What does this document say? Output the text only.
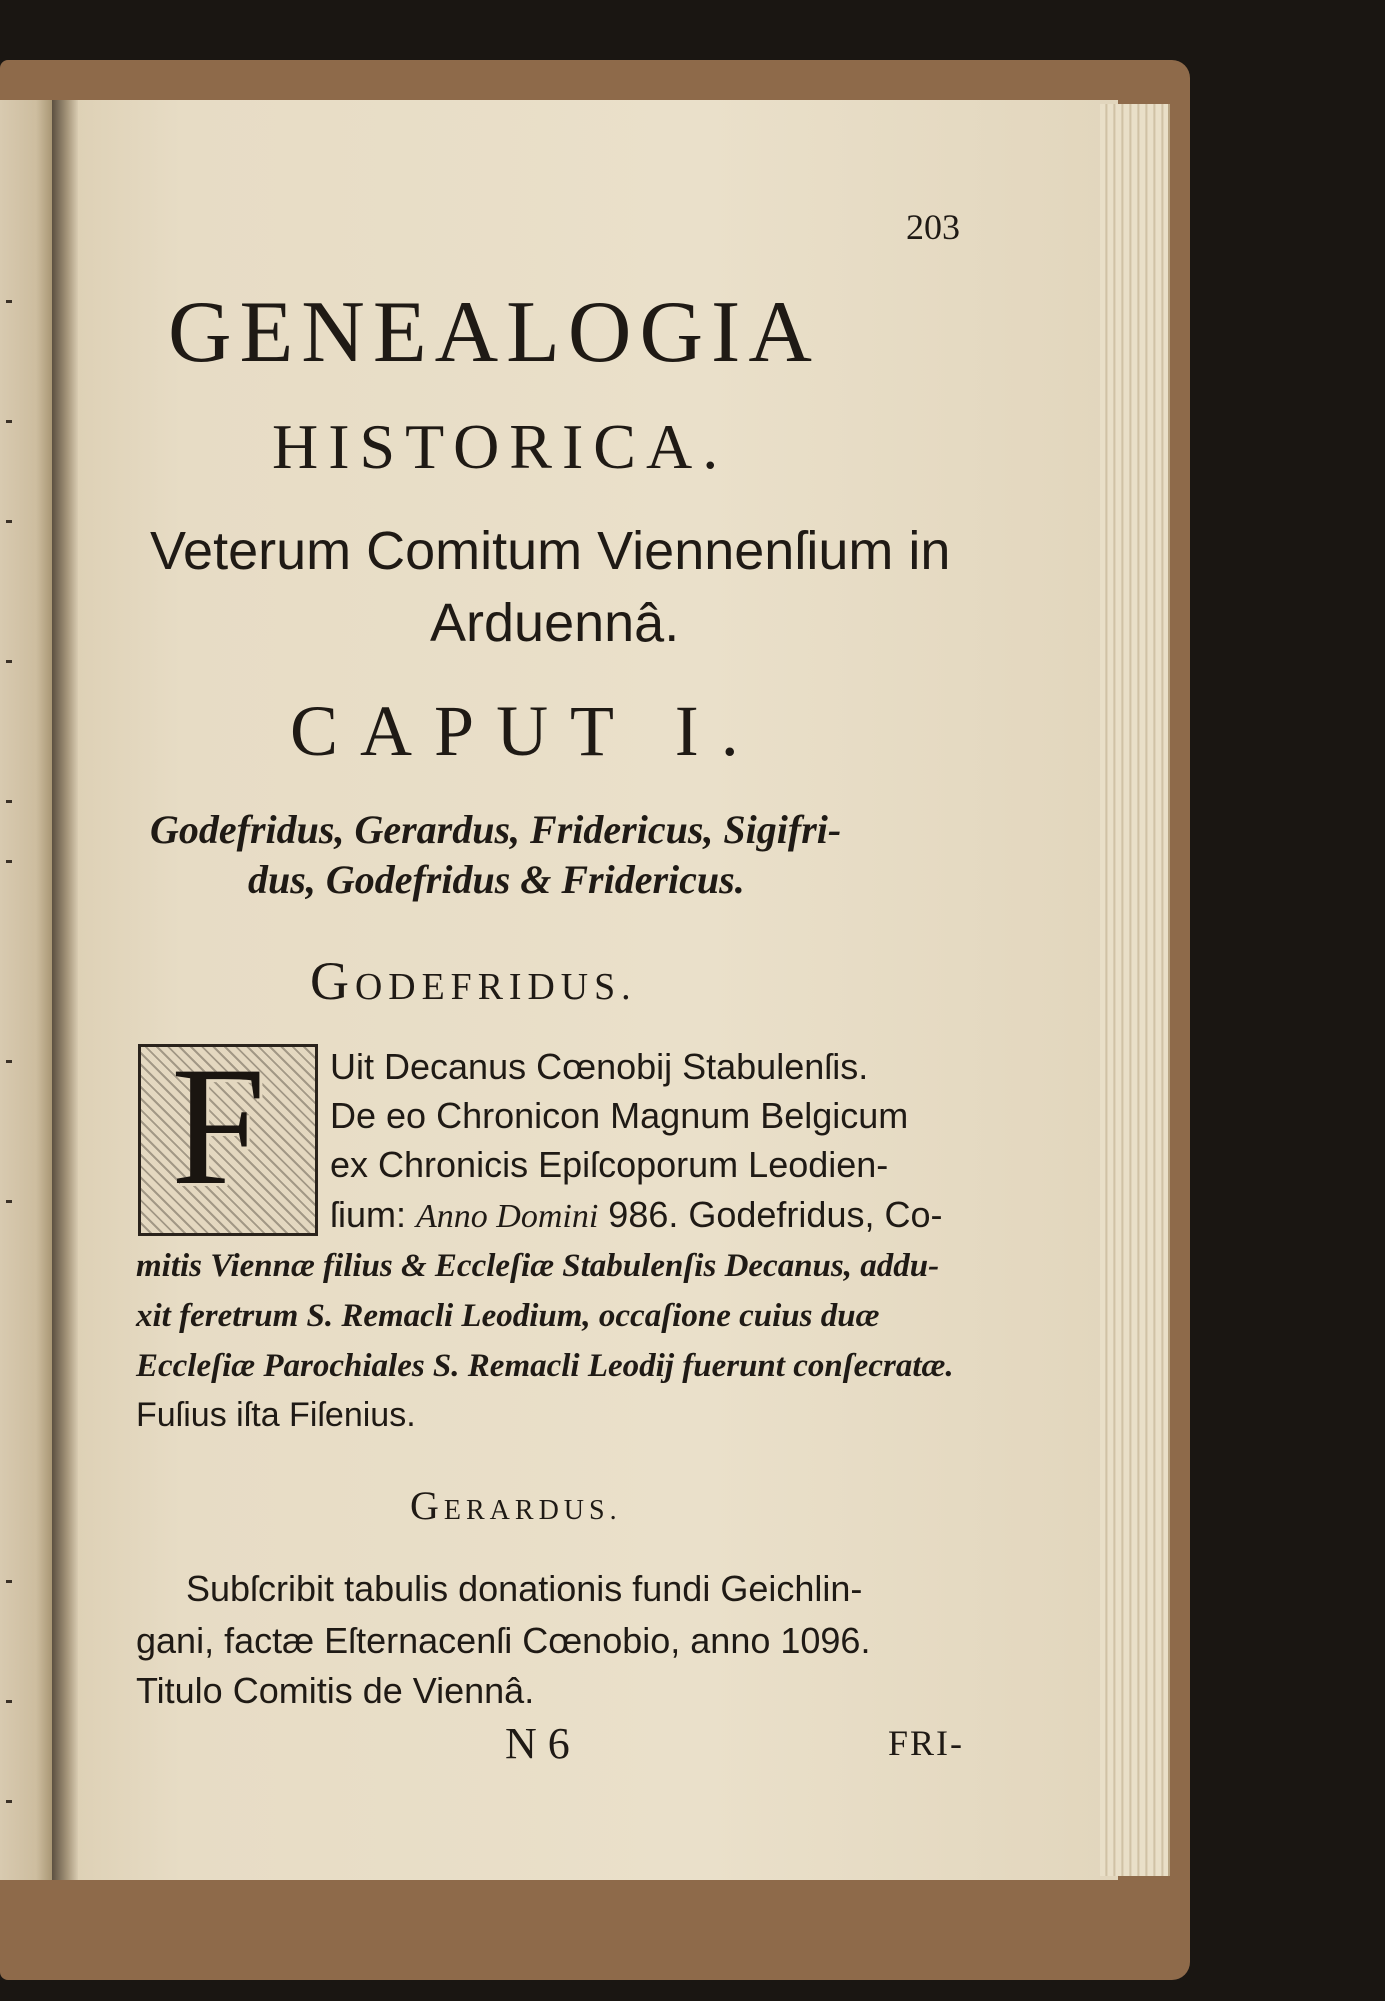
203
GENEALOGIA
HISTORICA.
Veterum Comitum Viennenſium in
Arduennâ.
CAPUT I.
Godefridus, Gerardus, Fridericus, Sigifri-
dus, Godefridus & Fridericus.
GODEFRIDUS.
F Uit Decanus Cœnobij Stabulenſis.
De eo Chronicon Magnum Belgicum
ex Chronicis Epiſcoporum Leodien-
ſium: Anno Domini 986. Godefridus, Co-
mitis Viennæ filius & Eccleſiæ Stabulenſis Decanus, addu-
xit feretrum S. Remacli Leodium, occaſione cuius duæ
Eccleſiæ Parochiales S. Remacli Leodij fuerunt conſecratæ.
Fuſius iſta Fiſenius.
GERARDUS.
Subſcribit tabulis donationis fundi Geichlin-
gani, factæ Eſternacenſi Cœnobio, anno 1096.
Titulo Comitis de Viennâ.
N 6	FRI-
